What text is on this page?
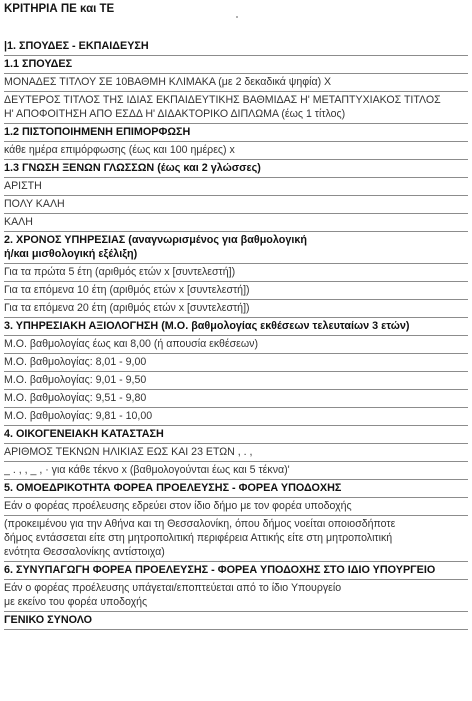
ΚΡΙΤΗΡΙΑ ΠΕ και ΤΕ
|1. ΣΠΟΥΔΕΣ - ΕΚΠΑΙΔΕΥΣΗ
1.1 ΣΠΟΥΔΕΣ
ΜΟΝΑΔΕΣ ΤΙΤΛΟΥ ΣΕ 10ΒΑΘΜΗ ΚΛΙΜΑΚΑ (με 2 δεκαδικά ψηφία) Χ
ΔΕΥΤΕΡΟΣ ΤΙΤΛΟΣ ΤΗΣ ΙΔΙΑΣ ΕΚΠΑΙΔΕΥΤΙΚΗΣ ΒΑΘΜΙΔΑΣ Η' ΜΕΤΑΠΤΥΧΙΑΚΟΣ ΤΙΤΛΟΣ
Η' ΑΠΟΦΟΙΤΗΣΗ ΑΠΟ ΕΣΔΔ Η' ΔΙΔΑΚΤΟΡΙΚΟ ΔΙΠΛΩΜΑ (έως 1 τίτλος)
1.2 ΠΙΣΤΟΠΟΙΗΜΕΝΗ ΕΠΙΜΟΡΦΩΣΗ
κάθε ημέρα επιμόρφωσης (έως και 100 ημέρες) x
1.3 ΓΝΩΣΗ ΞΕΝΩΝ ΓΛΩΣΣΩΝ (έως και 2 γλώσσες)
ΑΡΙΣΤΗ
ΠΟΛΥ ΚΑΛΗ
ΚΑΛΗ
2. ΧΡΟΝΟΣ ΥΠΗΡΕΣΙΑΣ (αναγνωρισμένος για βαθμολογική
ή/και μισθολογική εξέλιξη)
Για τα πρώτα 5 έτη (αριθμός ετών x [συντελεστή])
Για τα επόμενα 10 έτη (αριθμός ετών x [συντελεστή])
Για τα επόμενα 20 έτη (αριθμός ετών x [συντελεστή])
3. ΥΠΗΡΕΣΙΑΚΗ ΑΞΙΟΛΟΓΗΣΗ (Μ.Ο. βαθμολογίας εκθέσεων τελευταίων 3 ετών)
Μ.Ο. βαθμολογίας έως και 8,00 (ή απουσία εκθέσεων)
Μ.Ο. βαθμολογίας: 8,01 - 9,00
Μ.Ο. βαθμολογίας: 9,01 - 9,50
Μ.Ο. βαθμολογίας: 9,51 - 9,80
Μ.Ο. βαθμολογίας: 9,81 - 10,00
4. ΟΙΚΟΓΕΝΕΙΑΚΗ ΚΑΤΑΣΤΑΣΗ
ΑΡΙΘΜΟΣ ΤΕΚΝΩΝ ΗΛΙΚΙΑΣ ΕΩΣ ΚΑΙ 23 ΕΤΩΝ , . ,
_ . , , _ , · για κάθε τέκνο x (βαθμολογούνται έως και 5 τέκνα)'
5. ΟΜΟΕΔΡΙΚΟΤΗΤΑ ΦΟΡΕΑ ΠΡΟΕΛΕΥΣΗΣ - ΦΟΡΕΑ ΥΠΟΔΟΧΗΣ
Εάν ο φορέας προέλευσης εδρεύει στον ίδιο δήμο με τον φορέα υποδοχής
(προκειμένου για την Αθήνα και τη Θεσσαλονίκη, όπου δήμος νοείται οποιοσδήποτε
δήμος εντάσσεται είτε στη μητροπολιτική περιφέρεια Αττικής είτε στη μητροπολιτική
ενότητα Θεσσαλονίκης αντίστοιχα)
6. ΣΥΝΥΠΑΓΩΓΗ ΦΟΡΕΑ ΠΡΟΕΛΕΥΣΗΣ - ΦΟΡΕΑ ΥΠΟΔΟΧΗΣ ΣΤΟ ΙΔΙΟ ΥΠΟΥΡΓΕΙΟ
Εάν ο φορέας προέλευσης υπάγεται/εποπτεύεται από το ίδιο Υπουργείο
με εκείνο του φορέα υποδοχής
ΓΕΝΙΚΟ ΣΥΝΟΛΟ
